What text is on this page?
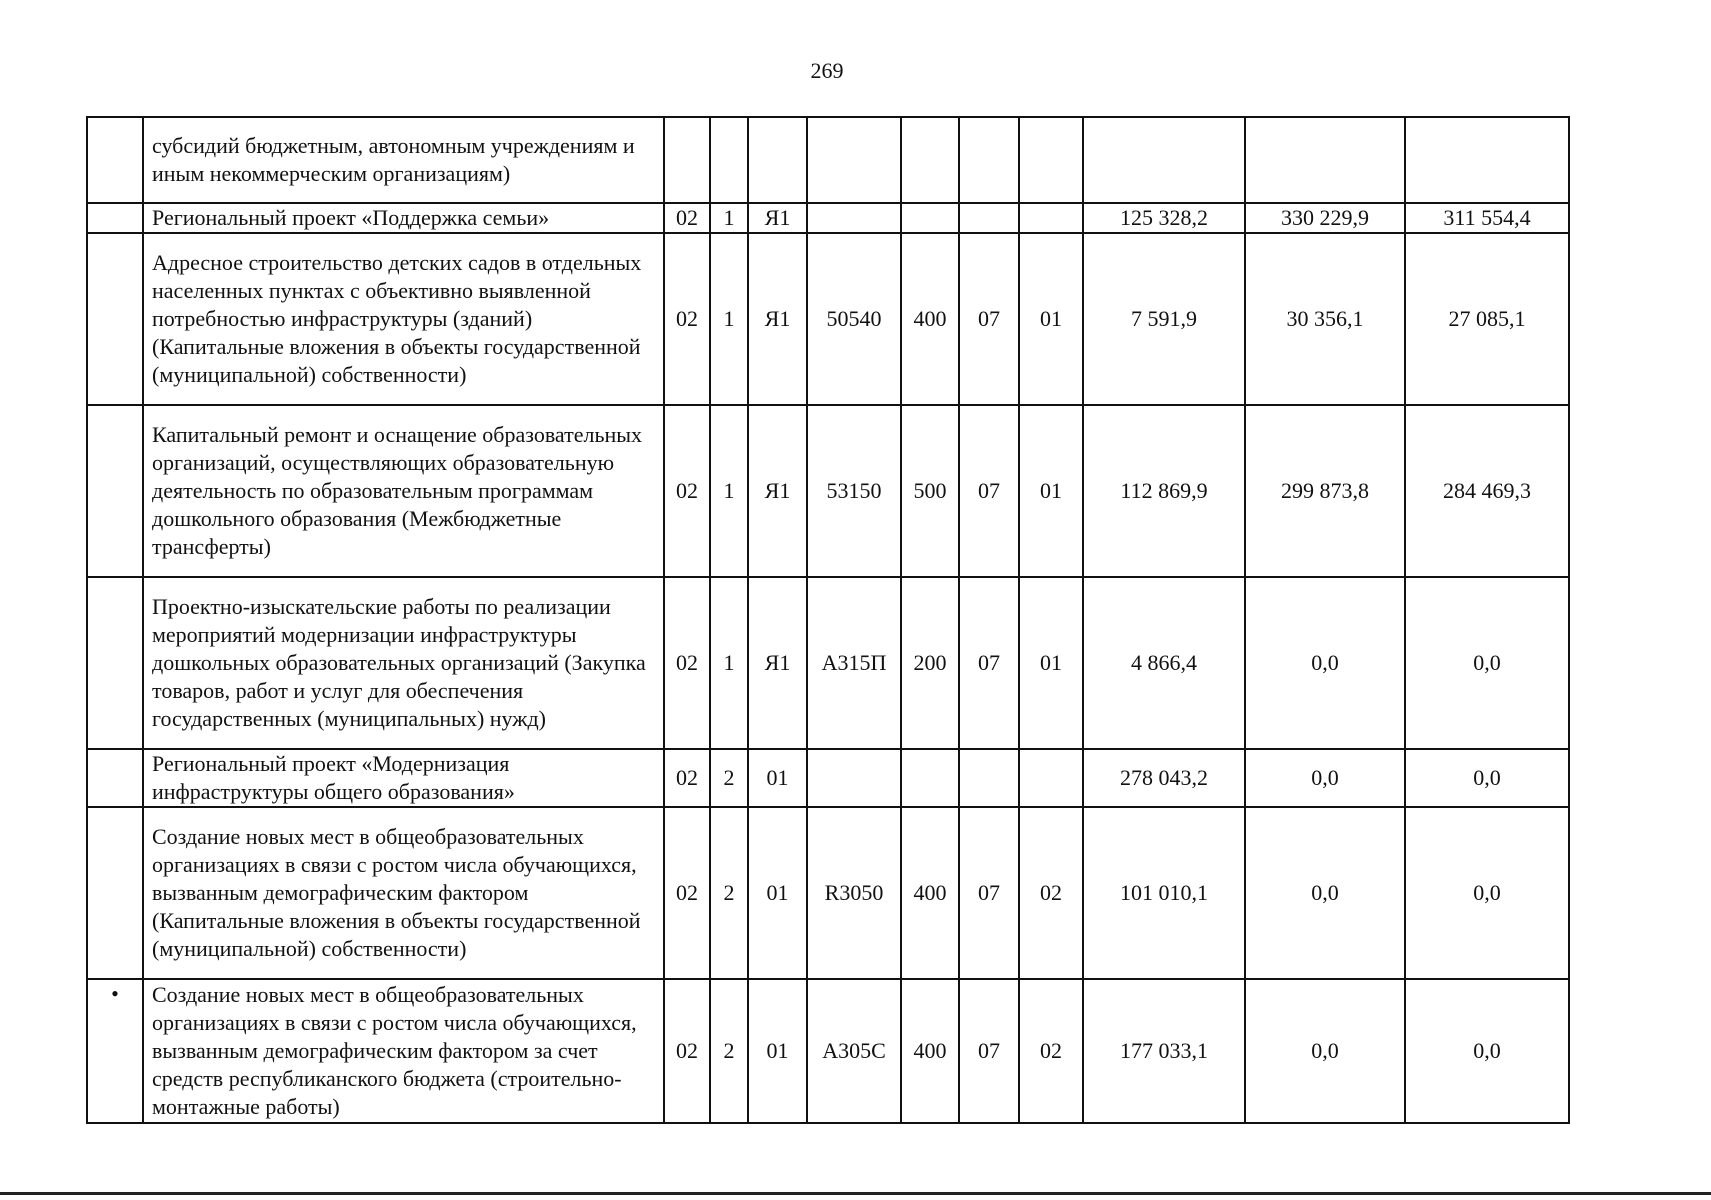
269
	субсидий бюджетным, автономным учреждениям и иным некоммерческим организациям)										
	Региональный проект «Поддержка семьи»	02	1	Я1					125 328,2	330 229,9	311 554,4
	Адресное строительство детских садов в отдельных населенных пунктах с объективно выявленной потребностью инфраструктуры (зданий) (Капитальные вложения в объекты государственной (муниципальной) собственности)	02	1	Я1	50540	400	07	01	7 591,9	30 356,1	27 085,1
	Капитальный ремонт и оснащение образовательных организаций, осуществляющих образовательную деятельность по образовательным программам дошкольного образования (Межбюджетные трансферты)	02	1	Я1	53150	500	07	01	112 869,9	299 873,8	284 469,3
	Проектно-изыскательские работы по реализации мероприятий модернизации инфраструктуры дошкольных образовательных организаций (Закупка товаров, работ и услуг для обеспечения государственных (муниципальных) нужд)	02	1	Я1	А315П	200	07	01	4 866,4	0,0	0,0
	Региональный проект «Модернизация инфраструктуры общего образования»	02	2	01					278 043,2	0,0	0,0
	Создание новых мест в общеобразовательных организациях в связи с ростом числа обучающихся, вызванным демографическим фактором (Капитальные вложения в объекты государственной (муниципальной) собственности)	02	2	01	R3050	400	07	02	101 010,1	0,0	0,0
•	Создание новых мест в общеобразовательных организациях в связи с ростом числа обучающихся, вызванным демографическим фактором за счет средств республиканского бюджета (строительно-монтажные работы)	02	2	01	А305С	400	07	02	177 033,1	0,0	0,0
